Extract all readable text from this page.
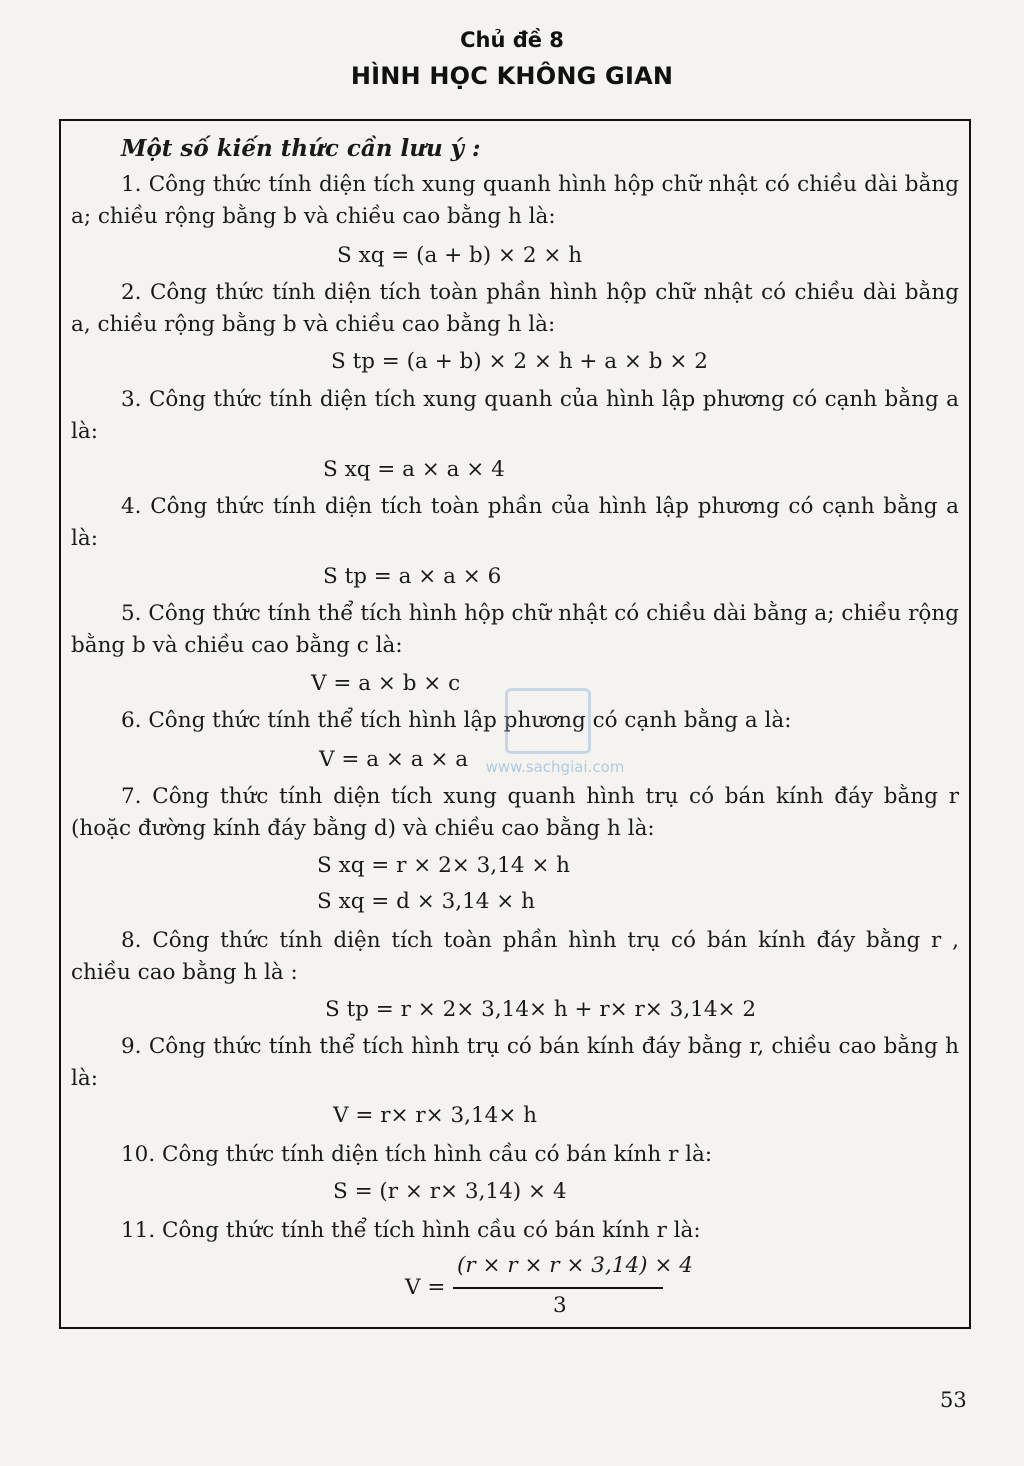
Chủ đề 8
HÌNH HỌC KHÔNG GIAN
Một số kiến thức cần lưu ý :
1. Công thức tính diện tích xung quanh hình hộp chữ nhật có chiều dài bằng a; chiều rộng bằng b và chiều cao bằng h là:
S xq = (a + b) × 2 × h
2. Công thức tính diện tích toàn phần hình hộp chữ nhật có chiều dài bằng a, chiều rộng bằng b và chiều cao bằng h là:
S tp = (a + b) × 2 × h + a × b × 2
3. Công thức tính diện tích xung quanh của hình lập phương có cạnh bằng a là:
S xq = a × a × 4
4. Công thức tính diện tích toàn phần của hình lập phương có cạnh bằng a là:
S tp = a × a × 6
5. Công thức tính thể tích hình hộp chữ nhật có chiều dài bằng a; chiều rộng bằng b và chiều cao bằng c là:
V = a × b × c
6. Công thức tính thể tích hình lập phương có cạnh bằng a là:
V = a × a × a
7. Công thức tính diện tích xung quanh hình trụ có bán kính đáy bằng r (hoặc đường kính đáy bằng d) và chiều cao bằng h là:
S xq = r × 2× 3,14 × h
S xq = d × 3,14 × h
8. Công thức tính diện tích toàn phần hình trụ có bán kính đáy bằng r , chiều cao bằng h là :
S tp = r × 2× 3,14× h + r× r× 3,14× 2
9. Công thức tính thể tích hình trụ có bán kính đáy bằng r, chiều cao bằng h là:
V = r× r× 3,14× h
10. Công thức tính diện tích hình cầu có bán kính r là:
S = (r × r× 3,14) × 4
11. Công thức tính thể tích hình cầu có bán kính r là:
V =
(r × r × r × 3,14) × 4
3
www.sachgiai.com
53
